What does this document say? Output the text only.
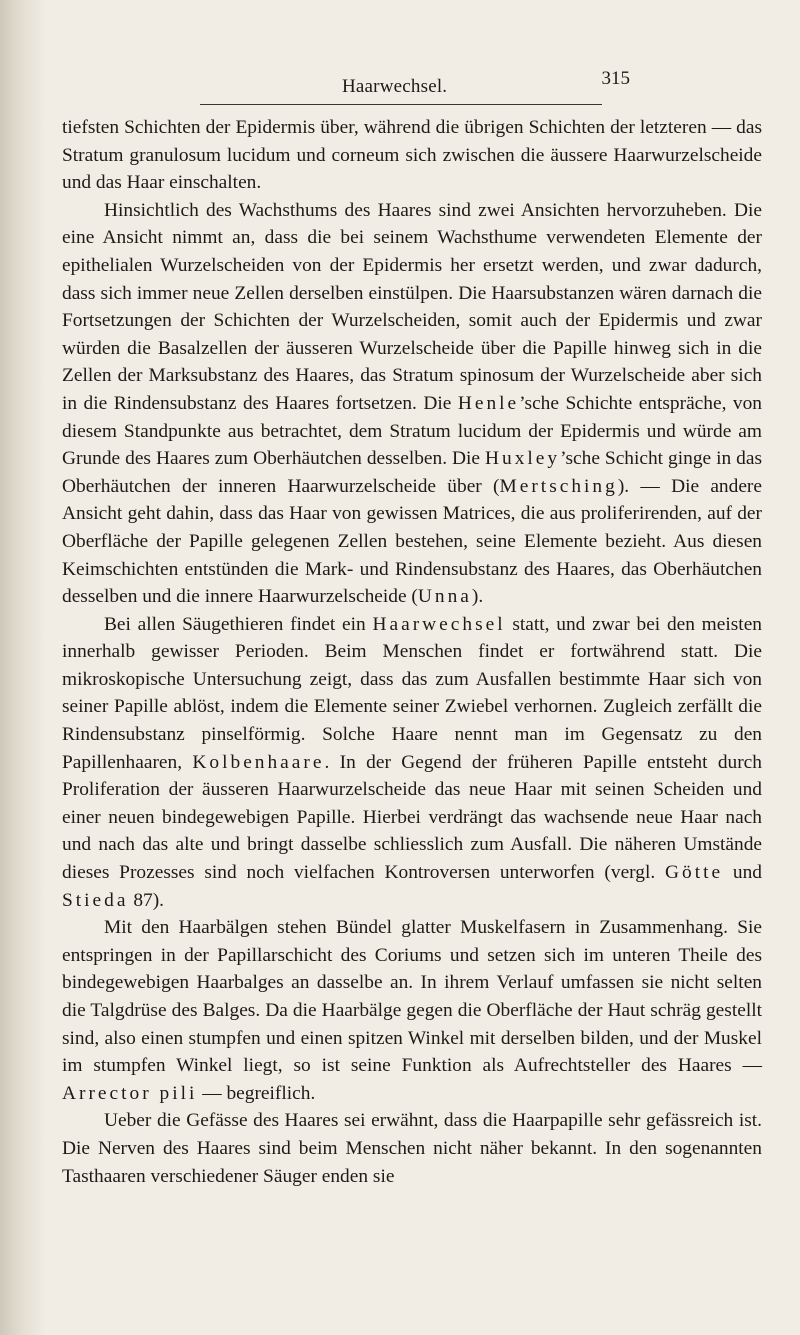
Haarwechsel.	315

tiefsten Schichten der Epidermis über, während die übrigen Schichten der letzteren — das Stratum granulosum lucidum und corneum sich zwischen die äussere Haarwurzelscheide und das Haar einschalten.

Hinsichtlich des Wachsthums des Haares sind zwei Ansichten hervorzuheben. Die eine Ansicht nimmt an, dass die bei seinem Wachsthume verwendeten Elemente der epithelialen Wurzelscheiden von der Epidermis her ersetzt werden, und zwar dadurch, dass sich immer neue Zellen derselben einstülpen. Die Haarsubstanzen wären darnach die Fortsetzungen der Schichten der Wurzelscheiden, somit auch der Epidermis und zwar würden die Basalzellen der äusseren Wurzelscheide über die Papille hinweg sich in die Zellen der Marksubstanz des Haares, das Stratum spinosum der Wurzelscheide aber sich in die Rindensubstanz des Haares fortsetzen. Die Henle’sche Schichte entspräche, von diesem Standpunkte aus betrachtet, dem Stratum lucidum der Epidermis und würde am Grunde des Haares zum Oberhäutchen desselben. Die Huxley’sche Schicht ginge in das Oberhäutchen der inneren Haarwurzelscheide über (Mertsching). — Die andere Ansicht geht dahin, dass das Haar von gewissen Matrices, die aus proliferirenden, auf der Oberfläche der Papille gelegenen Zellen bestehen, seine Elemente bezieht. Aus diesen Keimschichten entstünden die Mark- und Rindensubstanz des Haares, das Oberhäutchen desselben und die innere Haarwurzelscheide (Unna).

Bei allen Säugethieren findet ein Haarwechsel statt, und zwar bei den meisten innerhalb gewisser Perioden. Beim Menschen findet er fortwährend statt. Die mikroskopische Untersuchung zeigt, dass das zum Ausfallen bestimmte Haar sich von seiner Papille ablöst, indem die Elemente seiner Zwiebel verhornen. Zugleich zerfällt die Rindensubstanz pinselförmig. Solche Haare nennt man im Gegensatz zu den Papillenhaaren, Kolbenhaare. In der Gegend der früheren Papille entsteht durch Proliferation der äusseren Haarwurzelscheide das neue Haar mit seinen Scheiden und einer neuen bindegewebigen Papille. Hierbei verdrängt das wachsende neue Haar nach und nach das alte und bringt dasselbe schliesslich zum Ausfall. Die näheren Umstände dieses Prozesses sind noch vielfachen Kontroversen unterworfen (vergl. Götte und Stieda 87).

Mit den Haarbälgen stehen Bündel glatter Muskelfasern in Zusammenhang. Sie entspringen in der Papillarschicht des Coriums und setzen sich im unteren Theile des bindegewebigen Haarbalges an dasselbe an. In ihrem Verlauf umfassen sie nicht selten die Talgdrüse des Balges. Da die Haarbälge gegen die Oberfläche der Haut schräg gestellt sind, also einen stumpfen und einen spitzen Winkel mit derselben bilden, und der Muskel im stumpfen Winkel liegt, so ist seine Funktion als Aufrechtsteller des Haares — Arrector pili — begreiflich.

Ueber die Gefässe des Haares sei erwähnt, dass die Haarpapille sehr gefässreich ist. Die Nerven des Haares sind beim Menschen nicht näher bekannt. In den sogenannten Tasthaaren verschiedener Säuger enden sie
